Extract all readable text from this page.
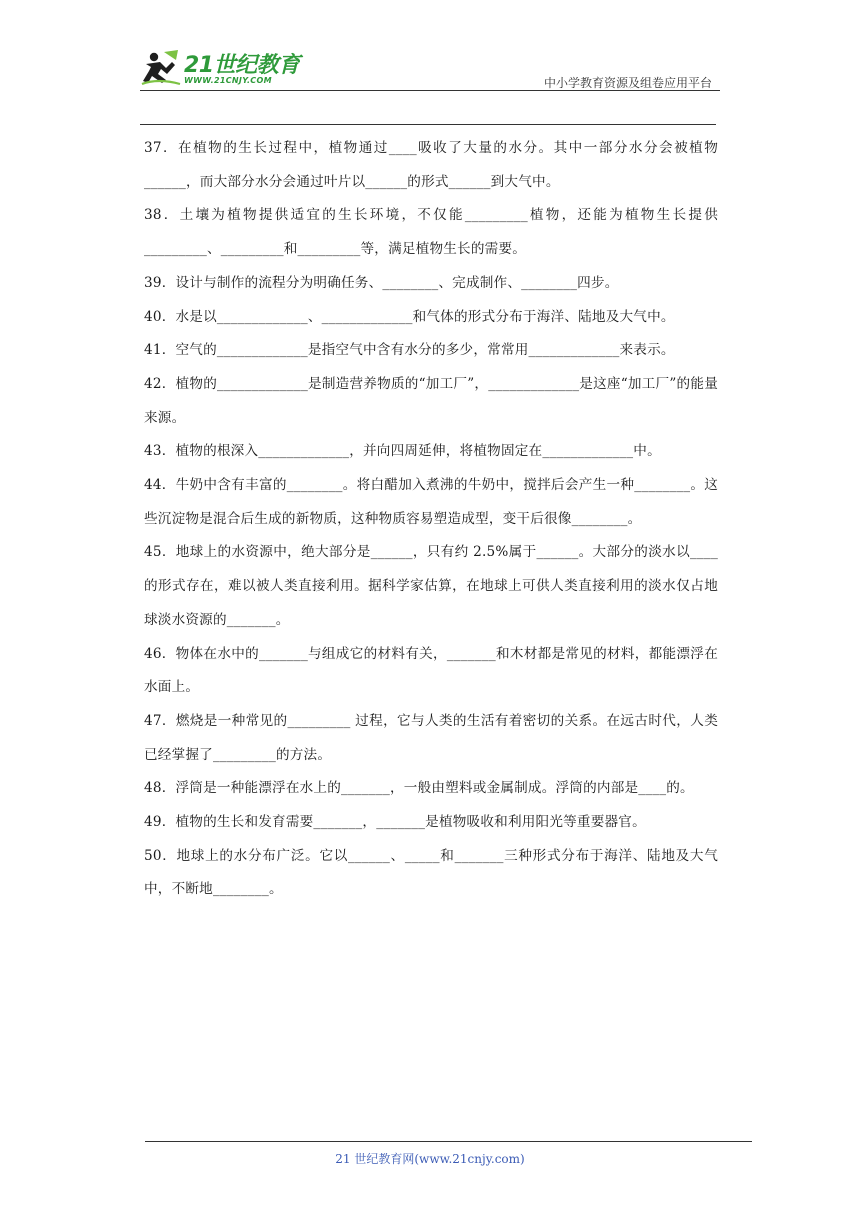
21世纪教育
WWW.21CNJY.COM	中小学教育资源及组卷应用平台

37．在植物的生长过程中，植物通过____吸收了大量的水分。其中一部分水分会被植物______，而大部分水分会通过叶片以______的形式______到大气中。

38．土壤为植物提供适宜的生长环境，不仅能_________植物，还能为植物生长提供_________、_________和_________等，满足植物生长的需要。

39．设计与制作的流程分为明确任务、________、完成制作、________四步。

40．水是以_____________、_____________和气体的形式分布于海洋、陆地及大气中。

41．空气的_____________是指空气中含有水分的多少，常常用_____________来表示。

42．植物的_____________是制造营养物质的“加工厂”，_____________是这座“加工厂”的能量来源。

43．植物的根深入_____________，并向四周延伸，将植物固定在_____________中。

44．牛奶中含有丰富的________。将白醋加入煮沸的牛奶中，搅拌后会产生一种________。这些沉淀物是混合后生成的新物质，这种物质容易塑造成型，变干后很像________。

45．地球上的水资源中，绝大部分是______，只有约 2.5%属于______。大部分的淡水以____的形式存在，难以被人类直接利用。据科学家估算，在地球上可供人类直接利用的淡水仅占地球淡水资源的_______。

46．物体在水中的_______与组成它的材料有关，_______和木材都是常见的材料，都能漂浮在水面上。

47．燃烧是一种常见的_________ 过程，它与人类的生活有着密切的关系。在远古时代，人类已经掌握了_________的方法。

48．浮筒是一种能漂浮在水上的_______，一般由塑料或金属制成。浮筒的内部是____的。

49．植物的生长和发育需要_______，_______是植物吸收和利用阳光等重要器官。

50．地球上的水分布广泛。它以______、_____和_______三种形式分布于海洋、陆地及大气中，不断地________。

21 世纪教育网(www.21cnjy.com)
